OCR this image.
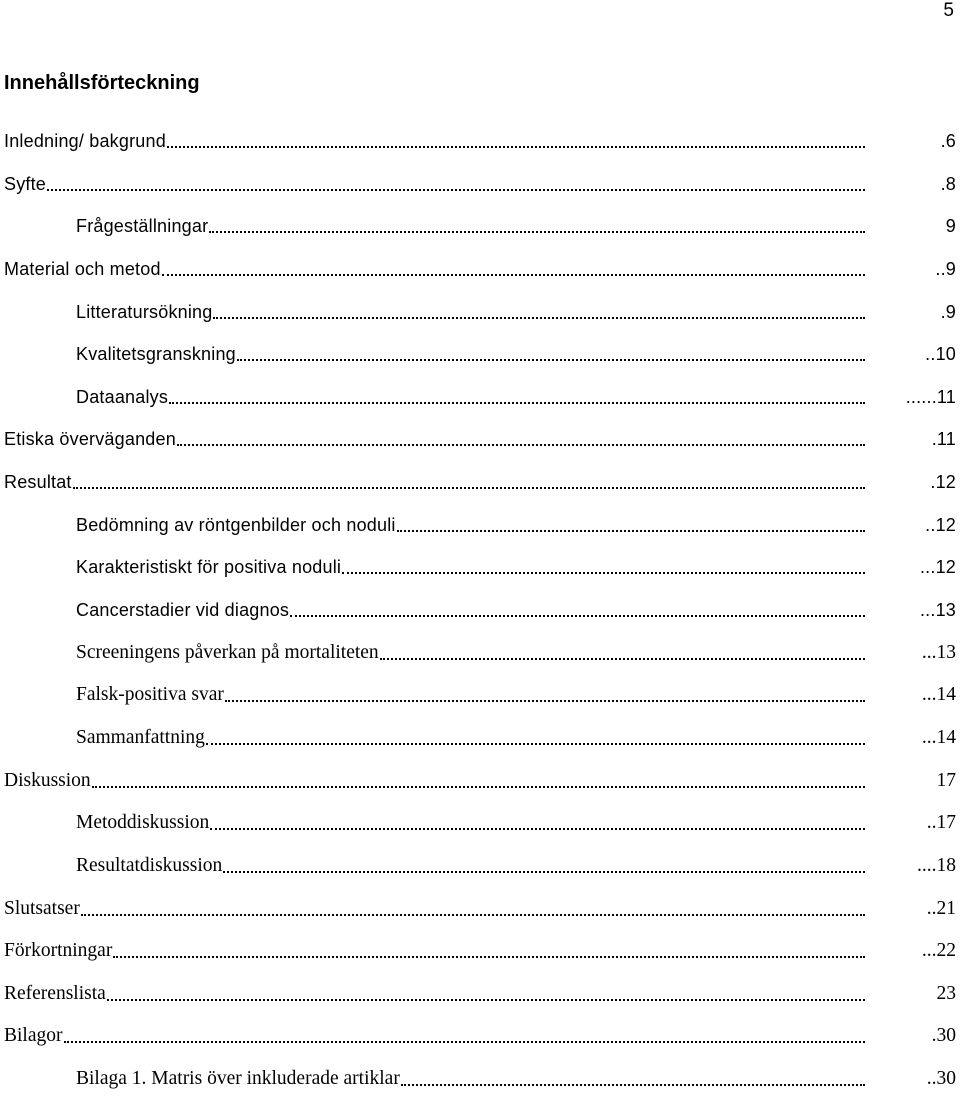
5
Innehållsförteckning
Inledning/ bakgrund	.6
Syfte	.8
Frågeställningar	9
Material och metod	..9
Litteratursökning	.9
Kvalitetsgranskning	..10
Dataanalys	......11
Etiska överväganden	.11
Resultat	.12
Bedömning av röntgenbilder och noduli	..12
Karakteristiskt för positiva noduli	...12
Cancerstadier vid diagnos	...13
Screeningens påverkan på mortaliteten	...13
Falsk-positiva svar	...14
Sammanfattning	...14
Diskussion	17
Metoddiskussion	..17
Resultatdiskussion	....18
Slutsatser	..21
Förkortningar	...22
Referenslista	23
Bilagor	.30
Bilaga 1. Matris över inkluderade artiklar	..30
